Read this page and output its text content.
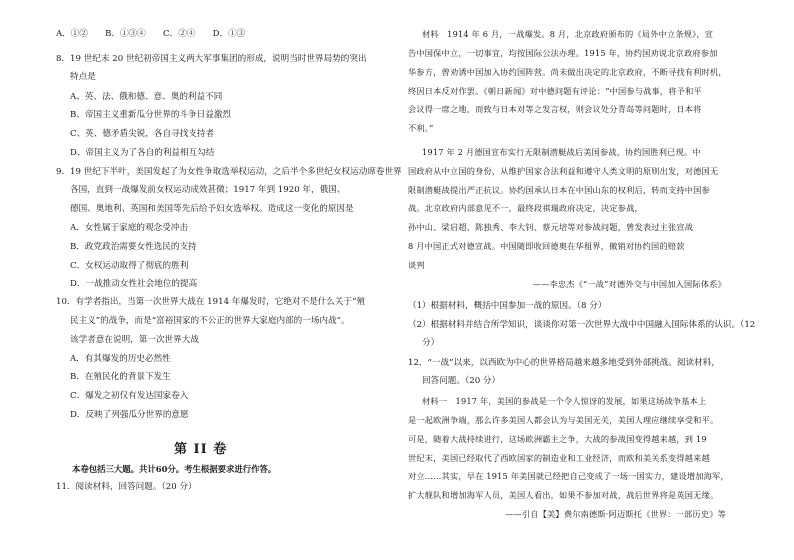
A．①②　　B．①③④　　C．②④　　D．①③
8．19 世纪末 20 世纪初帝国主义两大军事集团的形成，说明当时世界局势的突出
特点是
A、英、法、俄和德、意、奥的利益不同
B、帝国主义重新瓜分世界的斗争日益激烈
C、英、德矛盾尖锐，各自寻找支持者
D、帝国主义为了各自的利益相互勾结
9．19 世纪下半叶，美国发起了为女性争取选举权运动，之后半个多世纪女权运动席卷世界
各国，直到一战爆发前女权运动成效甚微；1917 年到 1920 年，俄国、
德国、奥地利、英国和美国等先后给予妇女选举权。造成这一变化的原因是
A．女性属于家庭的观念受冲击
B．政党政治需要女性选民的支持
C．女权运动取得了彻底的胜利
D．一战推动女性社会地位的提高
10．有学者指出，当第一次世界大战在 1914 年爆发时，它绝对不是什么关于“殖
民主义”的战争，而是“富裕国家的不公正的世界大家庭内部的一场内战”。
该学者意在说明，第一次世界大战
A．有其爆发的历史必然性
B．在殖民化的背景下发生
C．爆发之初仅有发达国家卷入
D．反映了列强瓜分世界的意愿
第 II 卷
本卷包括三大题。共计60分。考生根据要求进行作答。
11．阅读材料，回答问题。（20 分）
材料　1914 年 6 月，一战爆发。8 月，北京政府颁布的《局外中立条规》，宣
告中国保中立，一切事宜，均按国际公法办理。1915 年，协约国劝说北京政府参加
华参方，曾劝诱中国加入协约国阵营。尚未做出决定的北京政府，不断寻找有利时机，
终因日本反对作罢。《朝日新闻》对中德问题有评论：“中国参与战事，将予和平
会议得一席之地，而致与日本对等之发言权，则会议处分青岛等问题时，日本将
不利。”
1917 年 2 月德国宣布实行无限制潜艇战后美国参战，协约国胜利已现。中
国政府从中立国的身份，从维护国家合法利益和遵守人类文明的原则出发，对德国无
限制潜艇战提出严正抗议。协约国承认日本在中国山东的权利后，转而支持中国参
战。北京政府内部意见不一，最终段祺瑞政府决定，决定参战，
孙中山、梁启超、陈独秀、李大钊、蔡元培等对参战问题，曾发表过主张宣战
8 月中国正式对德宣战。中国随即收回德奥在华租界，撤销对协约国的赔款
谈判
——李忠杰《“一战”对德外交与中国加入国际体系》
（1）根据材料，概括中国参加一战的原因。（8 分）
（2）根据材料并结合所学知识，谈谈你对第一次世界大战中中国融入国际体系的认识。（12
分）
12．“一战”以来，以西欧为中心的世界格局越来越多地受到外部挑战。阅读材料，
回答问题。（20 分）
材料一　1917 年，美国的参战是一个令人惊讶的发展，如果这场战争基本上
是一起欧洲争端，那么许多美国人都会认为与美国无关，美国人理应继续享受和平。
可是，随着大战持续进行，这场欧洲霸主之争，大战的参战国变得越来越，到 19
世纪末，美国已经取代了西欧国家的制造业和工业经济，而欧和美关系变得越来越
对立……其实，早在 1915 年美国就已经把自己变成了一场一国实力，建设增加海军，
扩大舰队和增加海军人员，美国人看出，如果不参加对战，战后世界将是英国无缘。
——引自【美】费尔南德斯·阿迈斯托《世界：一部历史》等
